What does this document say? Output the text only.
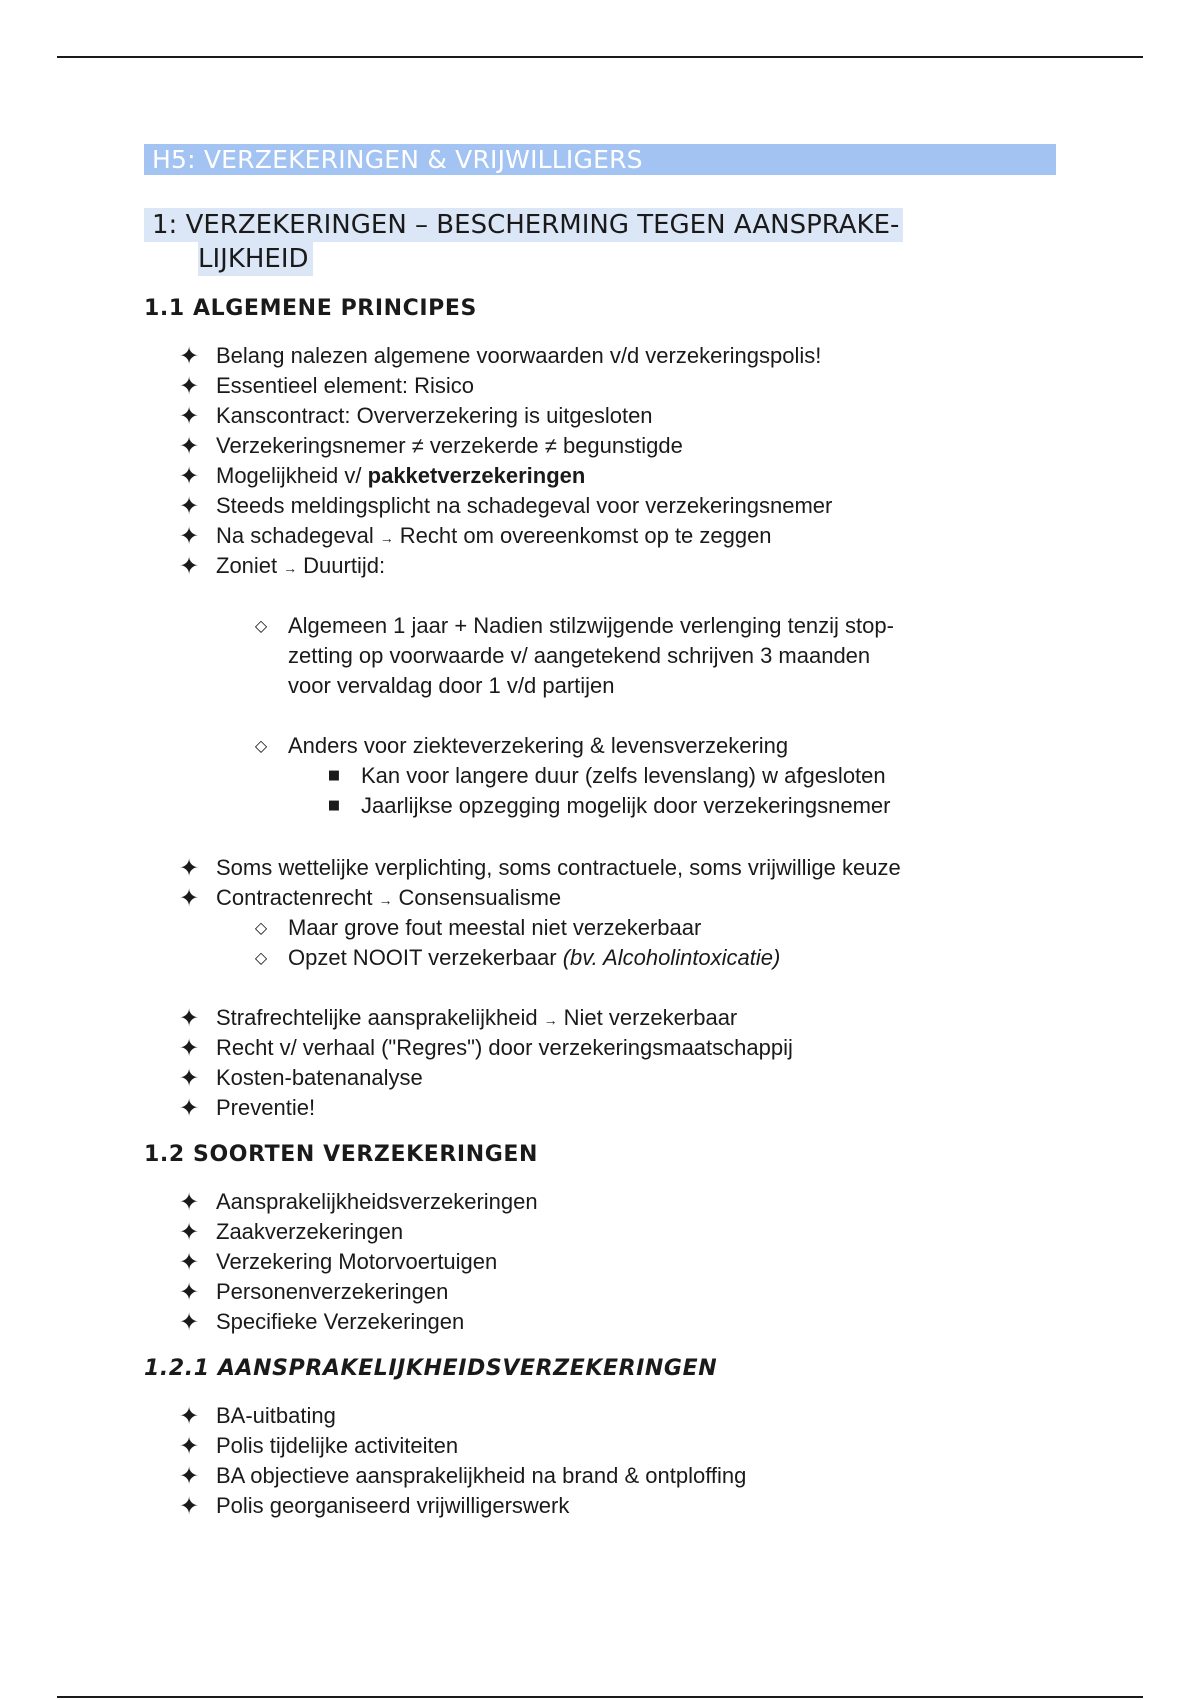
H5: VERZEKERINGEN & VRIJWILLIGERS
1: VERZEKERINGEN – BESCHERMING TEGEN AANSPRAKE-
LIJKHEID
1.1 ALGEMENE PRINCIPES
✦ Belang nalezen algemene voorwaarden v/d verzekeringspolis!
✦ Essentieel element: Risico
✦ Kanscontract: Oververzekering is uitgesloten
✦ Verzekeringsnemer ≠ verzekerde ≠ begunstigde
✦ Mogelijkheid v/ pakketverzekeringen
✦ Steeds meldingsplicht na schadegeval voor verzekeringsnemer
✦ Na schadegeval → Recht om overeenkomst op te zeggen
✦ Zoniet → Duurtijd:
◇ Algemeen 1 jaar + Nadien stilzwijgende verlenging tenzij stop-
zetting op voorwaarde v/ aangetekend schrijven 3 maanden
voor vervaldag door 1 v/d partijen
◇ Anders voor ziekteverzekering & levensverzekering
■ Kan voor langere duur (zelfs levenslang) w afgesloten
■ Jaarlijkse opzegging mogelijk door verzekeringsnemer
✦ Soms wettelijke verplichting, soms contractuele, soms vrijwillige keuze
✦ Contractenrecht → Consensualisme
◇ Maar grove fout meestal niet verzekerbaar
◇ Opzet NOOIT verzekerbaar (bv. Alcoholintoxicatie)
✦ Strafrechtelijke aansprakelijkheid → Niet verzekerbaar
✦ Recht v/ verhaal ("Regres") door verzekeringsmaatschappij
✦ Kosten-batenanalyse
✦ Preventie!
1.2 SOORTEN VERZEKERINGEN
✦ Aansprakelijkheidsverzekeringen
✦ Zaakverzekeringen
✦ Verzekering Motorvoertuigen
✦ Personenverzekeringen
✦ Specifieke Verzekeringen
1.2.1 AANSPRAKELIJKHEIDSVERZEKERINGEN
✦ BA-uitbating
✦ Polis tijdelijke activiteiten
✦ BA objectieve aansprakelijkheid na brand & ontploffing
✦ Polis georganiseerd vrijwilligerswerk
